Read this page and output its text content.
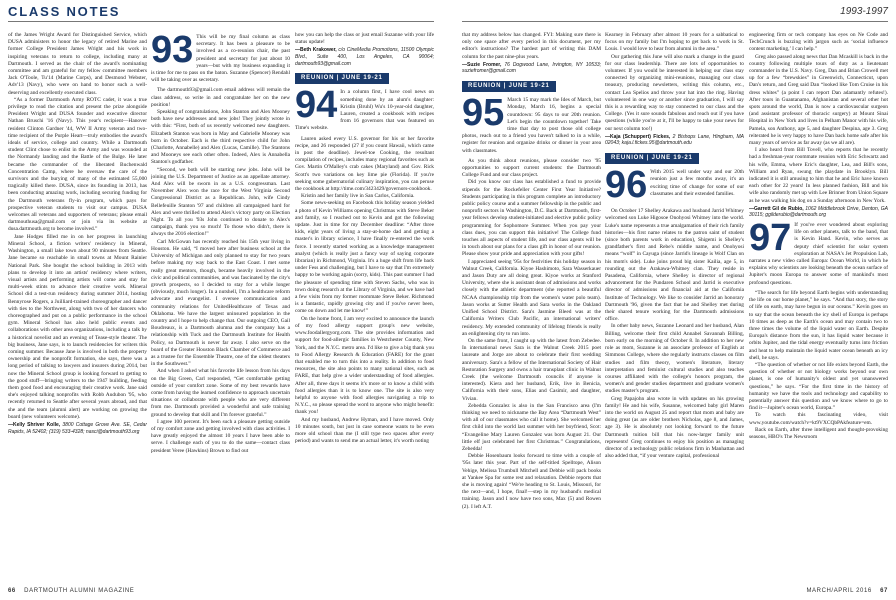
CLASS NOTES	1993-1997

of the James Wright Award for Distinguished Service, which DUSA administers to honor the legacy of retired Marine and former College President James Wright and his work in inspiring veterans to return to college, including many at Dartmouth. I served as the chair of the award's nominating committee and am grateful for my fellow committee members Jack O'Toole, Tu'14 (Marine Corps), and Desmond Webster, Adv'13 (Navy), who were on hand to honor such a well-deserving and excellently executed class.

“As a former Dartmouth Army ROTC cadet, it was a true privilege to read the citation and present the prize alongside President Wright and DUSA founder and executive director Nathan Bruschi '16 (Navy). This year's recipient—Hanover resident Clinton Gardner '44, WW II Army veteran and two-time recipient of the Purple Heart—truly embodies the award's ideals of service, college and country. While a Dartmouth student Clint chose to enlist in the Army and was wounded at the Normandy landing and the Battle of the Bulge. He later became the commander of the liberated Buchenwald Concentration Camp, where he oversaw the care of the survivors and the burying of many of the estimated 55,000 tragically killed there. DUSA, since its founding in 2013, has been conducting amazing work, including securing funding for the Dartmouth veterans fly-in program, which pays for prospective veteran students to visit our campus. DUSA welcomes all veterans and supporters of veterans; please email dartmouthusa@gmail.com or join via its website at dusa.dartmouth.org to become involved.”

Jane Hodges filled me in on her progress in launching Mineral School, a fiction writers' residency in Mineral, Washington, a small lake town about 90 minutes from Seattle. Jane became so reachable in small towns at Mount Rainier National Park. She bought the school building in 2013 with plans to develop it into an artists' residency where writers, visual artists and performing artists will come and stay for multi-week stints to advance their creative work. Mineral School did a test-run residency during summer 2014, hosting Bennyrose Rogers, a Juilliard-trained choreographer and dancer with ties to the Northwest, along with two of her dancers who choreographed and put on a public performance in the school gym. Mineral School has also held public events and collaborations with other area organizations, including a talk by a historical novelist and an evening of Tease-style theater. The big business, Jane says, is to launch residencies for writers this coming summer. Because Jane is involved in both the property ownership and the nonprofit formation, she says, there was a long period of talking to lawyers and insurers during 2014, but now the Mineral School group is looking forward to getting to the good stuff—bringing writers to the 1947 building, feeding them good food and encouraging their creative work. Jane said she's enjoyed talking nonprofits with Robb Audubon '95, who recently returned to Seattle after several years abroad, and that she and the team (alumni alert) are working on growing the board (new volunteers welcome).

—Kelly Shriver Kolle, 3800 Cottage Grove Ave. SE, Cedar Rapids, IA 52402; (319) 533-4328; nasci@dartmouth93.org
93 This will be my final column as class secretary. It has been a pleasure to be involved as a co-reunion chair, the past president and secretary for just about 10 years—but with my business expanding it is time for me to pass on the baton. Suzanne (Spencer) Rendahl will be taking over as secretary.

The dartmouth93@gmail.com email address will remain the class address, so write in and congratulate her on the new position!

Speaking of congratulations, John Stanton and Alex Mooney both have new addresses and new jobs! They jointly wrote in with this: “First, both of us recently welcomed new daughters. Elizabeth Stanton was born in May and Gabrielle Mooney was born in October. Each is the third respective child for John (Charlotte, Annabelle) and Alex (Lucas, Camille). The Stantons and Mooneys see each other often. Indeed, Alex is Annabella Stanton's godfather.

“Second, we both will be starting new jobs. John will be joining the U.S. Department of Justice as an appellate attorney. And Alex will be sworn in as a U.S. congressman. Last November Alex won the race for the West Virginia Second Congressional District as a Republican. John, wife Cindy Bellefeuille Stanton '97 and children all campaigned hard for Alex and were thrilled to attend Alex's victory party on Election Night. To all you '93s John continued to donate to Alex's campaign, thank you so much! To those who didn't, there is always the 2016 election!”

Carl McGowan has recently reached his 15th year living in Houston. He said, “I moved here after business school at the University of Michigan and only planned to stay for two years before making my way back to the East Coast. I met some really great mentors, though, became heavily involved in the civic and political communities, and was fascinated by the city's growth prospects, so I decided to stay for a while longer (obviously, much longer). In a nutshell, I'm a healthcare reform advocate and evangelist. I oversee communication and community relations for UnitedHealthcare of Texas and Oklahoma. We have the largest uninsured population in the country and I hope to help change that. Our outgoing CEO, Gail Boudreaux, is a Dartmouth alumna and the company has a relationship with Tuck and the Dartmouth Institute for Health Policy, so Dartmouth is never far away. I also serve on the board of the Greater Houston Black Chamber of Commerce and as a trustee for the Ensemble Theatre, one of the oldest theaters in the Southwest.”

And when I asked what his favorite life lesson from his days on the Big Green, Carl responded, “Get comfortable getting outside of your comfort zone. Some of my best rewards have come from having the learned confidence to approach uncertain situations or collaborate with people who are very different from me. Dartmouth provided a wonderful and safe training ground to develop that skill and I'm forever grateful.”

I agree 100 percent. It's been such a pleasure getting outside of my comfort zone and getting involved with class activities. I have greatly enjoyed the almost 10 years I have been able to serve. I challenge each of you to do the same—contact class president Veree (Hawkins) Brown to find out

how you can help the class or just email Suzanne with your life status update!

—Beth Krakower, c/o CineMedia Promotions, 11500 Olympic Blvd., Suite 400, Los Angeles, CA 90064; dartmouth93@gmail.com
REUNION | JUNE 19-21
94 In a column first, I have cool news on something done by an alum's daughter: Kristin (Bruhl) Wu's 10-year-old daughter, Lauren, created a cookbook with recipes from 16 governors that was featured on Time's website.

Lauren asked every U.S. governor for his or her favorite recipe, and 26 responded (27 if you count Hawaii, which came in post the deadline). Jewel-toe Cooking, the resultant compilation of recipes, includes many regional favorites such as Gov. Martin O'Malley's crab cakes (Maryland) and Gov. Rick Scott's two variations on key lime pie (Florida). If you're seeking some gubernatorial culinary inspiration, you can peruse the cookbook at http://time.com/3423429/governors-cookbook.

Kristin and her family live in San Carlos, California.

Some news-seeking on Facebook this holiday season yielded a photo of Kevin Williams opening Christmas with Steve Beker and family, so I reached out to Kevin and got the following update. Just in time for my December deadline: “After three kids, eight years of living a stay-at-home dad and getting a master's in library science, I have finally re-entered the work force. I recently started working as a knowledge management analyst (which is really just a fancy way of saying corporate librarian) in Richmond, Virginia. It's a huge shift from life back under Fess and challenging, but I have to say that I'm extremely happy to be working again (sorry, kids). This past summer I had the pleasure of spending time with Steven Sachs, who was in town doing research at the Library of Virginia, and we have had a few visits from my former roommate Steve Beker. Richmond is a fantastic, rapidly growing city and if you've never been, come on down and let me know!”

On the home front, I am very excited to announce the launch of my food allergy support group's new website, www.foodallergyorg.com. The site provides information and support for food-allergic families in Westchester County, New York, and the N.Y.C. metro area. I'd like to give a big thank you to Food Allergy Research & Education (FARE) for the grant that enabled me to turn this into a reality. In addition to food resources, the site also points to many national sites, such as FARE, that help give a wider understanding of food allergies. After all, three days it seems it's more or to know a child with food allergies than it is to know one. The site is also very helpful to anyone with food allergies navigating a trip to N.Y.C., so please spread the word to anyone who might benefit: thank you!

And my husband, Andrew Hyman, and I have moved. Only 10 minutes south, but just in case someone wants to be even more old school than me (I still type two spaces after every period) and wants to send me an actual letter, it's worth noting

that my address below has changed. FYI: Making sure there is only one space after every period in this document, per my editor's instructions? The hardest part of writing this DAM column for the past nine-plus years.

—Suzie Fromer, 76 Dogwood Lane, Irvington, NY 10533; suziefromer@gmail.com
REUNION | JUNE 19-21
95 March 15 may mark the Ides of March, but Monday, March 16, begins a special countdown: 95 days to our 20th reunion. Let's begin the countdown together! Take time that day to post those old college photos, reach out to a friend you haven't talked to in a while, register for reunion and organize drinks or dinner in your area with classmates.

As you think about reunions, please consider two '95 opportunities to support current students: the Dartmouth College Fund and our class project.

Did you know our class has established a fund to provide stipends for the Rockefeller Center First Year Initiative? Students participating in this program complete an introductory public policy course and a summer fellowship in the public and nonprofit sectors in Washington, D.C. Back at Dartmouth, first-year fellows develop student-initiated and elective public policy programming for Sophomore Summer. When you pay your class dues, you can support this initiative! The College fund touches all aspects of student life, and our class agents will be in touch about our plans for a class gift in honor of our reunion. Please show your pride and appreciation with your gifts!

I appreciated seeing '95s for festivities this holiday season in Walnut Creek, California. Kiyoe Hashimoto, Sara Wasserkauer and Jason Duty are all doing great. Kiyoe works at Stanford University, where she is assistant dean of admissions and works closely with the athletic department (she reported a beautiful NCAA championship trip from the women's water polo team). Jason works at Sutter Health and Sara works in the Oakland Unified School District. Sara's Jasmine Bleed was at the California Writers Club Pacific, an international writers' residency. My extended community of lifelong friends is really an enlightening city to run into.

On the same front, I caught up with the latest from Zebedee. In international news Sara is the Walnut Creek 2015 poet laureate and Jorge are about to celebrate their first wedding anniversary. Sara's a fellow of the International Society of Hair Restoration Surgery and owns a hair transplant clinic in Walnut Creek (the welcome Dartmouth councils if anyone is interested). Kiera and her husband, Erik, live in Benicia, California with their sons, Elias and Casimir, and daughter, Vivian.

Zebedda Gonzalez is also in the San Francisco area (I'm thinking we need to nickname the Bay Area “Dartmouth West” with all of our classmates who call it home). She welcomed her first child into the world last summer with her boyfriend, Scot: “Evangeline Mary Lauren Gonzalez was born August 21. Our little elf just celebrated her first Christmas.” Congratulations, Zebedda!

Debbie Hosenbaum looks forward to time with a couple of '95s later this year. Part of the self-titled Spelltope, Alison Vehige, Melissa Trumbull Mitchell and Debbie will pack books at Yankee Spa for some rest and relaxation. Debbie reports that she is moving again! “We're heading to St. Louis, Missouri, for the next—and, I hope, final!—step in my husband's medical training. Jason and I now have two sons, Max (5) and Rowen (2). I left A.T.

Kearney in February after almost 10 years for a sabbatical to focus on my family but I'm hoping to get back to work in St. Louis. I would love to hear from alumni in the area.”

Our gathering this June will also mark a change in the guard for our class leadership. There are lots of opportunities to volunteer. If you would be interested in helping our class stay connected by organizing mini-reunions, managing our class treasury, producing newsletters, writing this column, etc., contact Lea Spelios and throw your hat into the ring. Having volunteered in one way or another since graduation, I will say this is a rewarding way to stay connected to our class and the College. (Yes it sure sounds fabulous and reach out if you have questions (while you're at it, I'll be happy to take your news for our next column too!)

—Kaja (Schuppert) Fickes, 2 Bishops Lane, Hingham, MA 02043; kaja.l.fickes.95@dartmouth.edu
REUNION | JUNE 19-21
96 With 2015 well under way and our 20th reunion just a few months away, it's an exciting time of change for some of our classmates and their extended families.

On October 17 Shelley Arakawa and husband Jarrid Whitney welcomed son Luke Higosoe Onohyosi Whitney into the world. Luke's name represents a true amalgamation of their rich family histories—his first name relates to the patron saint of student (since both parents work in education), Shigemi is Shelley's grandfather's first and Rebe's middle name, and Onohyosi means “wolf” in Cayuga (since Jarrid's lineage is Wolf Clan on his mom's side). Luke joins proud big sister Kailia, age 5, in rounding out the Arakawa-Whitney clan. They reside in Pasadena, California, where Shelley is director of regional advancement for the Pundaren School and Jarrid is executive director of admissions and financial aid at the California Institute of Technology. We like to consider Jarrid an honorary Dartmouth '96, given the fact that he and Shelley met during their shared tenure working for the Dartmouth admissions office.

In other baby news, Suzanne Leonard and her husband, Alan Billing, welcome their first child Annabel Savannah Billing, born early on the morning of October 8. In addition to her new role as mom, Suzanne is an associate professor of English at Simmons College, where she regularly instructs classes on film studies and film theory, women's literature, literary interpretation and feminist cultural studies and also teaches courses affiliated with the college's honors program, the women's and gender studies department and graduate women's studies master's program.

Greg Papajohn also wrote in with updates on his growing family! He and his wife, Susanne, welcomed baby girl Maren into the world on August 25 and report that mom and baby are doing great (as are older brothers Nicholas, age 8, and James, age 3). He is absolutely not looking forward to the future Dartmouth tuition bill that his now-larger family unit represents! Greg continues to enjoy his position as managing director of a technology public relations firm in Manhattan and also added that, “if your venture capital, professional

engineering firm or tech company has eyes on Ne Code and TechCrunch is buzzing with jargon such as ‘social influence content marketing,’ I can help.”

Greg also passed along news that Dan Mcaskill is back in the country following multiple tours of duty as a lieutenant commander in the U.S. Navy. Greg, Dan and Brian Crowell met up for a few “brewskies” in Greenwich, Connecticut, upon Dan's return, and Greg said Dan “looked like Tom Cruise in his dress whites” (a point I can report Dan adamantly refutes!). After tours in Guantanamo, Afghanistan and several other hot spots around the world, Dan is now a cardiovascular surgeon (and assistant professor of thoracic surgery) at Mount Sinai Hospital in New York and lives in Pelham Manor with his wife, Pamela, son Anthony, age 5, and daughter Despina, age 3. Greg reiterated he is very happy to have Dan back home safe after his many years of service as far away (as we all are).

I also heard from Bill Tovell, who reports that he recently had a freshman-year roommate reunion with Eric Schwartz and his wife, Emma, where Eric's daughter, Lea, and Bill's sons, William and Ryan, swung the playdate in Brooklyn. Bill indicated it is still amusing to him that he and Eric have known each other for 22 years! In less planned fashion, Bill and his wife also randomly met up with Lee Brinner from Union Square as he was walking his dog on a Sunday afternoon in New York.

—Garrett Gil de Rubio, 1062 Middlebrook Drive, Denton, GA 30115; ggilderubio@dartmouth.org
97 If you've ever wondered about exploring life on other planets, talk to the band, that is Kevin Hand. Kevin, who serves as deputy chief scientist for solar system exploration at NASA's Jet Propulsion Lab, narrates a new video called Europa: Ocean World, in which he explains why scientists are looking beneath the ocean surface of Jupiter's moon Europa to answer some of mankind's most profound questions.

“The search for life beyond Earth begins with understanding the life on our home planet,” he says. “And that story, the story of life on earth, may have begun in our oceans.” Kevin goes on to say that the ocean beneath the icy shell of Europa is perhaps 10 times as deep as the Earth's ocean and may contain two to three times the volume of the liquid water on Earth. Despite Europa's distance from the sun, it has liquid water because it orbits Jupiter, and the tidal energy eventually turns into friction and heat to help maintain the liquid water ocean beneath an icy shell, he says.

“The question of whether or not life exists beyond Earth, the question of whether or not biology works beyond our own planet, is one of humanity's oldest and yet unanswered questions,” he says. “For the first time in the history of humanity we have the tools and technology and capability to potentially answer this question and we know where to go to find it—Jupiter's ocean world, Europa.”

To watch this fascinating video, visit www.youtube.com/watch?v=kt9VXCQbPAkfeature=em.

Back on Earth, after three intelligent and thought-provoking seasons, HBO's The Newsroom

66 DARTMOUTH ALUMNI MAGAZINE	MARCH/APRIL 2016 67
